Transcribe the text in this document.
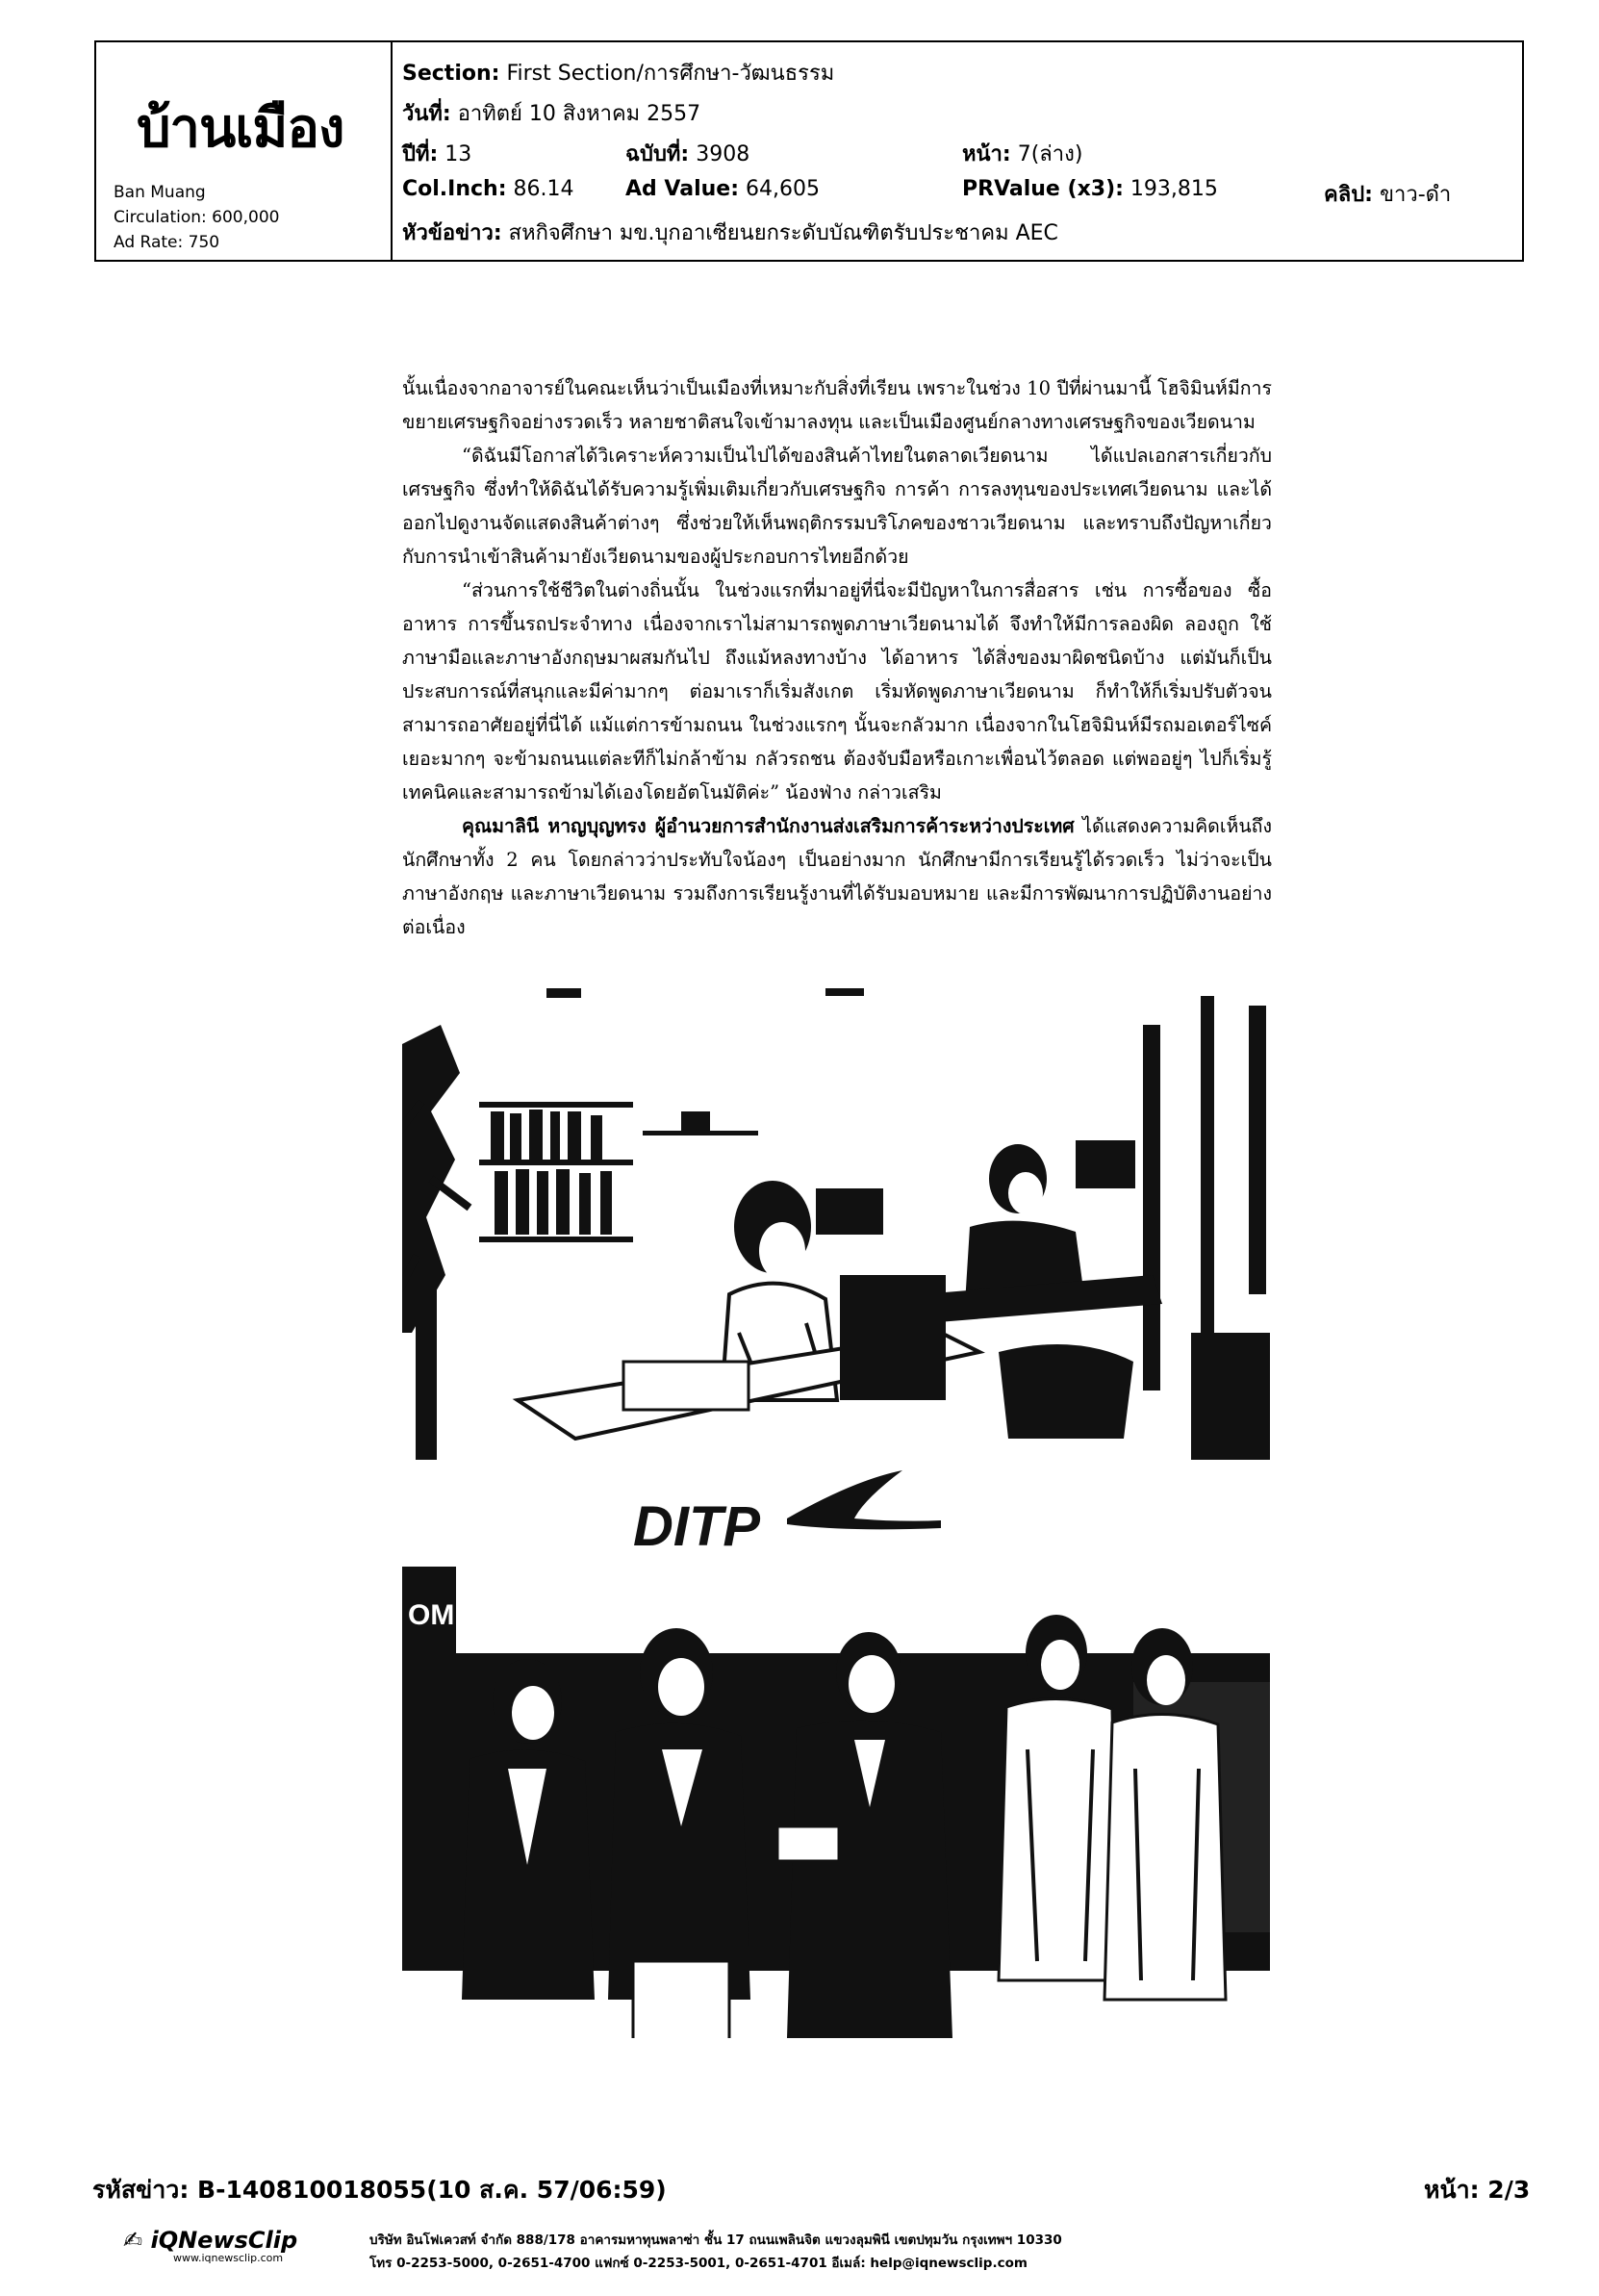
บ้านเมือง
Ban Muang
Circulation: 600,000
Ad Rate: 750
Section: First Section/การศึกษา-วัฒนธรรม
วันที่: อาทิตย์ 10 สิงหาคม 2557
ปีที่: 13	ฉบับที่: 3908	หน้า: 7(ล่าง)
Col.Inch: 86.14 Ad Value: 64,605	PRValue (x3): 193,815	คลิป: ขาว-ดำ
หัวข้อข่าว: สหกิจศึกษา มข.บุกอาเซียนยกระดับบัณฑิตรับประชาคม AEC

นั้นเนื่องจากอาจารย์ในคณะเห็นว่าเป็นเมืองที่เหมาะกับสิ่งที่เรียน เพราะในช่วง 10 ปีที่ผ่านมานี้ โฮจิมินห์มีการขยายเศรษฐกิจอย่างรวดเร็ว หลายชาติสนใจเข้ามาลงทุน และเป็นเมืองศูนย์กลางทางเศรษฐกิจของเวียดนาม

“ดิฉันมีโอกาสได้วิเคราะห์ความเป็นไปได้ของสินค้าไทยในตลาดเวียดนาม ได้แปลเอกสารเกี่ยวกับเศรษฐกิจ ซึ่งทำให้ดิฉันได้รับความรู้เพิ่มเติมเกี่ยวกับเศรษฐกิจ การค้า การลงทุนของประเทศเวียดนาม และได้ออกไปดูงานจัดแสดงสินค้าต่างๆ ซึ่งช่วยให้เห็นพฤติกรรมบริโภคของชาวเวียดนาม และทราบถึงปัญหาเกี่ยวกับการนำเข้าสินค้ามายังเวียดนามของผู้ประกอบการไทยอีกด้วย

“ส่วนการใช้ชีวิตในต่างถิ่นนั้น ในช่วงแรกที่มาอยู่ที่นี่จะมีปัญหาในการสื่อสาร เช่น การซื้อของ ซื้ออาหาร การขึ้นรถประจำทาง เนื่องจากเราไม่สามารถพูดภาษาเวียดนามได้ จึงทำให้มีการลองผิด ลองถูก ใช้ภาษามือและภาษาอังกฤษมาผสมกันไป ถึงแม้หลงทางบ้าง ได้อาหาร ได้สิ่งของมาผิดชนิดบ้าง แต่มันก็เป็นประสบการณ์ที่สนุกและมีค่ามากๆ ต่อมาเราก็เริ่มสังเกต เริ่มหัดพูดภาษาเวียดนาม ก็ทำให้ก็เริ่มปรับตัวจนสามารถอาศัยอยู่ที่นี่ได้ แม้แต่การข้ามถนน ในช่วงแรกๆ นั้นจะกลัวมาก เนื่องจากในโฮจิมินห์มีรถมอเตอร์ไซค์เยอะมากๆ จะข้ามถนนแต่ละทีก็ไม่กล้าข้าม กลัวรถชน ต้องจับมือหรือเกาะเพื่อนไว้ตลอด แต่พออยู่ๆ ไปก็เริ่มรู้เทคนิคและสามารถข้ามได้เองโดยอัตโนมัติค่ะ” น้องฟ่าง กล่าวเสริม

คุณมาลินี หาญบุญทรง ผู้อำนวยการสำนักงานส่งเสริมการค้าระหว่างประเทศ ได้แสดงความคิดเห็นถึงนักศึกษาทั้ง 2 คน โดยกล่าวว่าประทับใจน้องๆ เป็นอย่างมาก นักศึกษามีการเรียนรู้ได้รวดเร็ว ไม่ว่าจะเป็นภาษาอังกฤษ และภาษาเวียดนาม รวมถึงการเรียนรู้งานที่ได้รับมอบหมาย และมีการพัฒนาการปฏิบัติงานอย่างต่อเนื่อง

DITP
OM
รหัสข่าว: B-140810018055(10 ส.ค. 57/06:59)	หน้า: 2/3
✍ iQNewsClip
www.iqnewsclip.com
บริษัท อินโฟเควสท์ จำกัด 888/178 อาคารมหาทุนพลาซ่า ชั้น 17 ถนนเพลินจิต แขวงลุมพินี เขตปทุมวัน กรุงเทพฯ 10330
โทร 0-2253-5000, 0-2651-4700 แฟกซ์ 0-2253-5001, 0-2651-4701 อีเมล์: help@iqnewsclip.com
